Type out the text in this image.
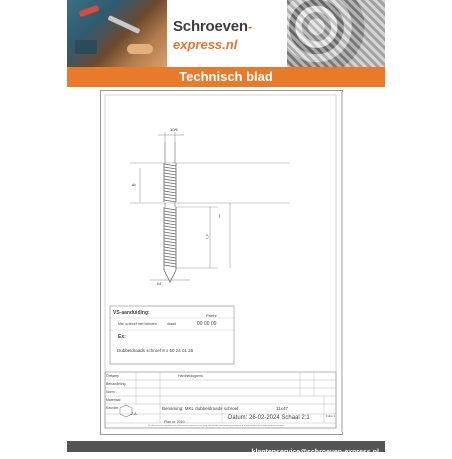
Schroeven-express.nl
Technisch blad
10/6
b
l
l_c
l/4
VS-aanduiding:	Partnr
Mw. schroef met beleden	draad	00 00 00
Ex:
Dubbeldraads schroef 8 x 50 24 01 25
Ontwerp
Behandeling
Norm
Materiaal
Keurder
Hardheidsgrens
Benaming: MKL dubbeldraads schroef	11x47
Datum: 26-02-2024 Schaal 2:1
Plan nr. 2010
Folio 1
Z.A.
Dit document is eigendom van Schroeven-express.nl en mag niet zonder toestemming gekopieerd of aan derden ter inzage gegeven worden.
klantenservice@schroeven-express.nl
